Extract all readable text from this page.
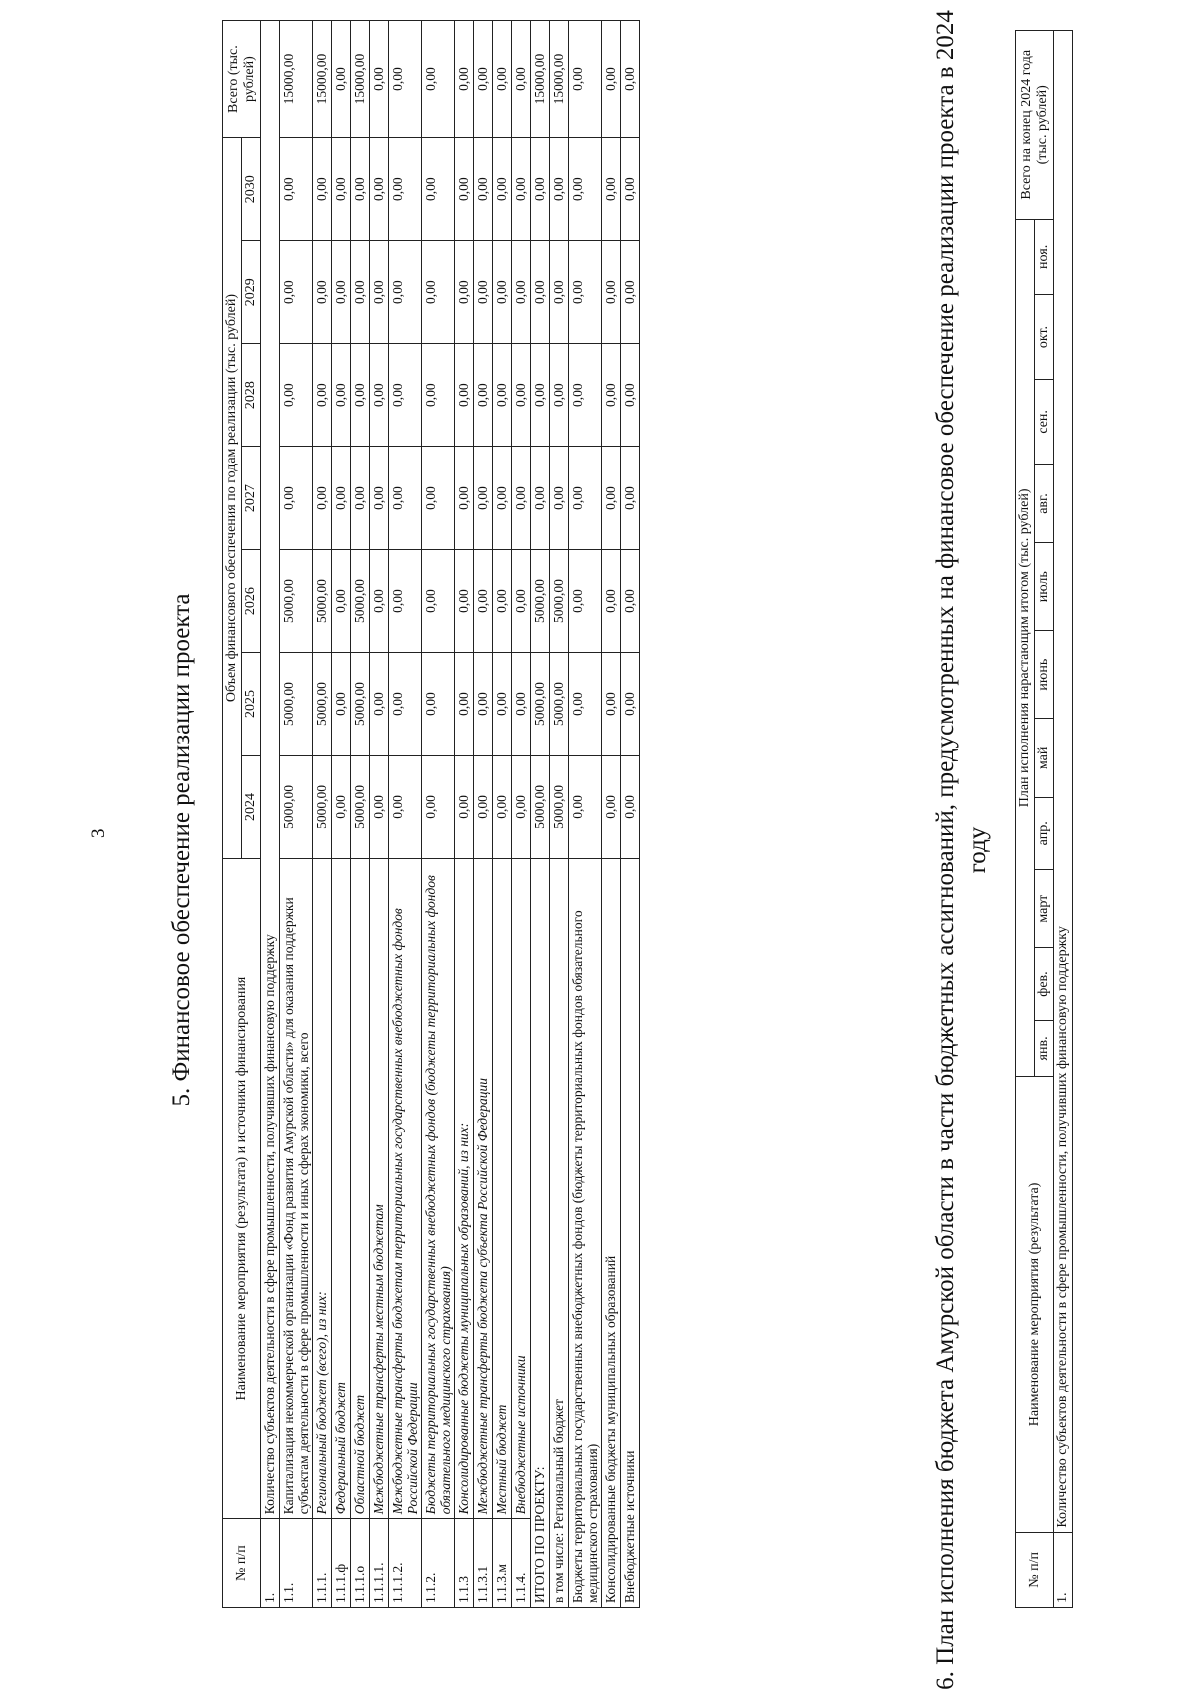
3 5. Финансовое обеспечение реализации проекта
№ п/п	Наименование мероприятия (результата) и источники финансирования	Объем финансового обеспечения по годам реализации (тыс. рублей)							Всего (тыс. рублей)
		2024	2025	2026	2027	2028	2029	2030	
1.	Количество субъектов деятельности в сфере промышленности, получивших финансовую поддержку								
1.1.	Капитализация некоммерческой организации «Фонд развития Амурской области» для оказания поддержки субъектам деятельности в сфере промышленности и иных сферах экономики, всего	5000,00	5000,00	5000,00	0,00	0,00	0,00	0,00	15000,00
1.1.1.	Региональный бюджет (всего), из них:	5000,00	5000,00	5000,00	0,00	0,00	0,00	0,00	15000,00
1.1.1.ф	Федеральный бюджет	0,00	0,00	0,00	0,00	0,00	0,00	0,00	0,00
1.1.1.о	Областной бюджет	5000,00	5000,00	5000,00	0,00	0,00	0,00	0,00	15000,00
1.1.1.1.	Межбюджетные трансферты местным бюджетам	0,00	0,00	0,00	0,00	0,00	0,00	0,00	0,00
1.1.1.2.	Межбюджетные трансферты бюджетам территориальных государственных внебюджетных фондов Российской Федерации	0,00	0,00	0,00	0,00	0,00	0,00	0,00	0,00
1.1.2.	Бюджеты территориальных государственных внебюджетных фондов (бюджеты территориальных фондов обязательного медицинского страхования)	0,00	0,00	0,00	0,00	0,00	0,00	0,00	0,00
1.1.3	Консолидированные бюджеты муниципальных образований, из них:	0,00	0,00	0,00	0,00	0,00	0,00	0,00	0,00
1.1.3.1	Межбюджетные трансферты бюджета субъекта Российской Федерации	0,00	0,00	0,00	0,00	0,00	0,00	0,00	0,00
1.1.3.м	Местный бюджет	0,00	0,00	0,00	0,00	0,00	0,00	0,00	0,00
1.1.4.	Внебюджетные источники	0,00	0,00	0,00	0,00	0,00	0,00	0,00	0,00
ИТОГО ПО ПРОЕКТУ:		5000,00	5000,00	5000,00	0,00	0,00	0,00	0,00	15000,00
в том числе: Региональный бюджет		5000,00	5000,00	5000,00	0,00	0,00	0,00	0,00	15000,00
Бюджеты территориальных государственных внебюджетных фондов (бюджеты территориальных фондов обязательного медицинского страхования)		0,00	0,00	0,00	0,00	0,00	0,00	0,00	0,00
Консолидированные бюджеты муниципальных образований		0,00	0,00	0,00	0,00	0,00	0,00	0,00	0,00
Внебюджетные источники		0,00	0,00	0,00	0,00	0,00	0,00	0,00	0,00	6. План исполнения бюджета Амурской области в части бюджетных ассигнований, предусмотренных на финансовое обеспечение реализации проекта в 2024 году
№ п/п	Наименование мероприятия (результата)	План исполнения нарастающим итогом (тыс. рублей)											Всего на конец 2024 года (тыс. рублей)
		янв.	фев.	март	апр.	май	июнь	июль	авг.	сен.	окт.	ноя.	
1.	Количество субъектов деятельности в сфере промышленности, получивших финансовую поддержку												
